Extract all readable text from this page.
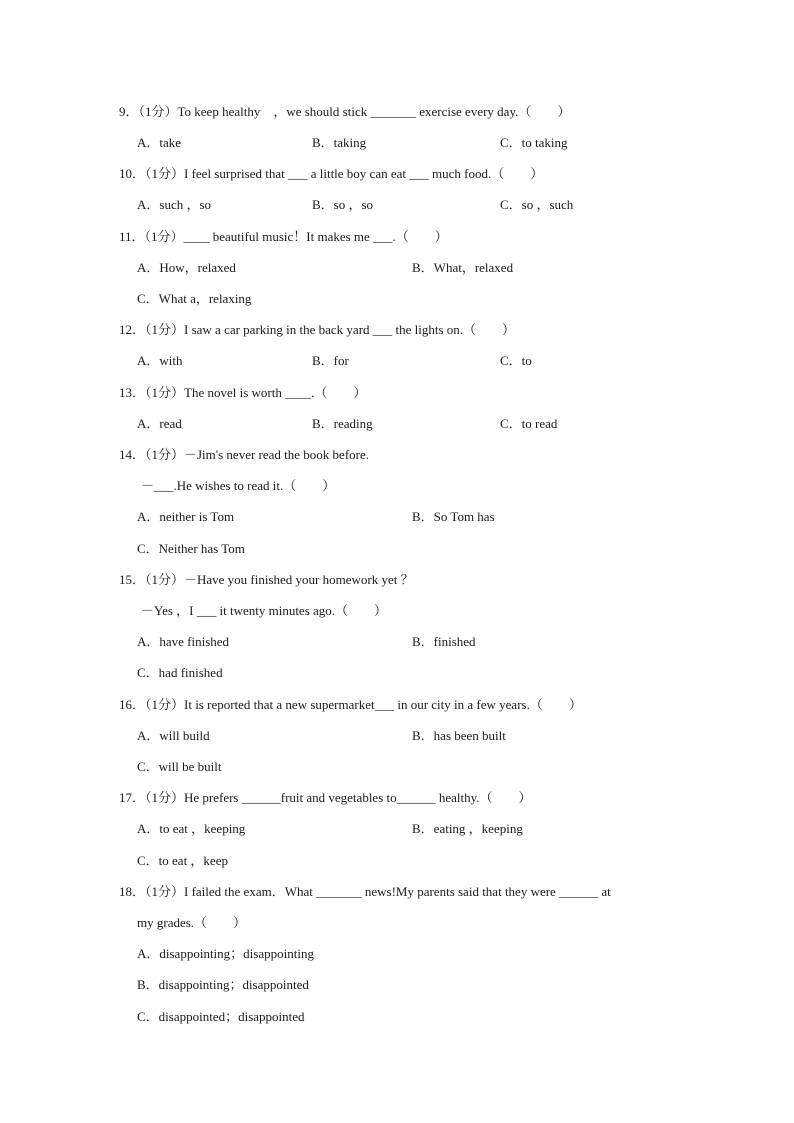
9．（1分）To keep healthy　，we should stick _______ exercise every day.（　　）
A．take	B．taking	C．to taking
10．（1分）I feel surprised that ___ a little boy can eat ___ much food.（　　）
A．such ，so	B．so ，so	C．so ，such
11．（1分）____ beautiful music！It makes me ___.（　　）
A．How，relaxed	B．What，relaxed
C．What a，relaxing
12．（1分）I saw a car parking in the back yard ___ the lights on.（　　）
A．with	B．for	C．to
13．（1分）The novel is worth ____.（　　）
A．read	B．reading	C．to read
14．（1分）－Jim's never read the book before.
－___.He wishes to read it.（　　）
A．neither is Tom	B．So Tom has
C．Neither has Tom
15．（1分）－Have you finished your homework yet ？
－Yes ，I ___ it twenty minutes ago.（　　）
A．have finished	B．finished
C．had finished
16．（1分）It is reported that a new supermarket___ in our city in a few years.（　　）
A．will build	B．has been built
C．will be built
17．（1分）He prefers ______fruit and vegetables to______ healthy.（　　）
A．to eat ，keeping	B．eating ，keeping
C．to eat ，keep
18．（1分）I failed the exam．What _______ news!My parents said that they were ______ at
my grades.（　　）
A．disappointing；disappointing
B．disappointing；disappointed
C．disappointed；disappointed
